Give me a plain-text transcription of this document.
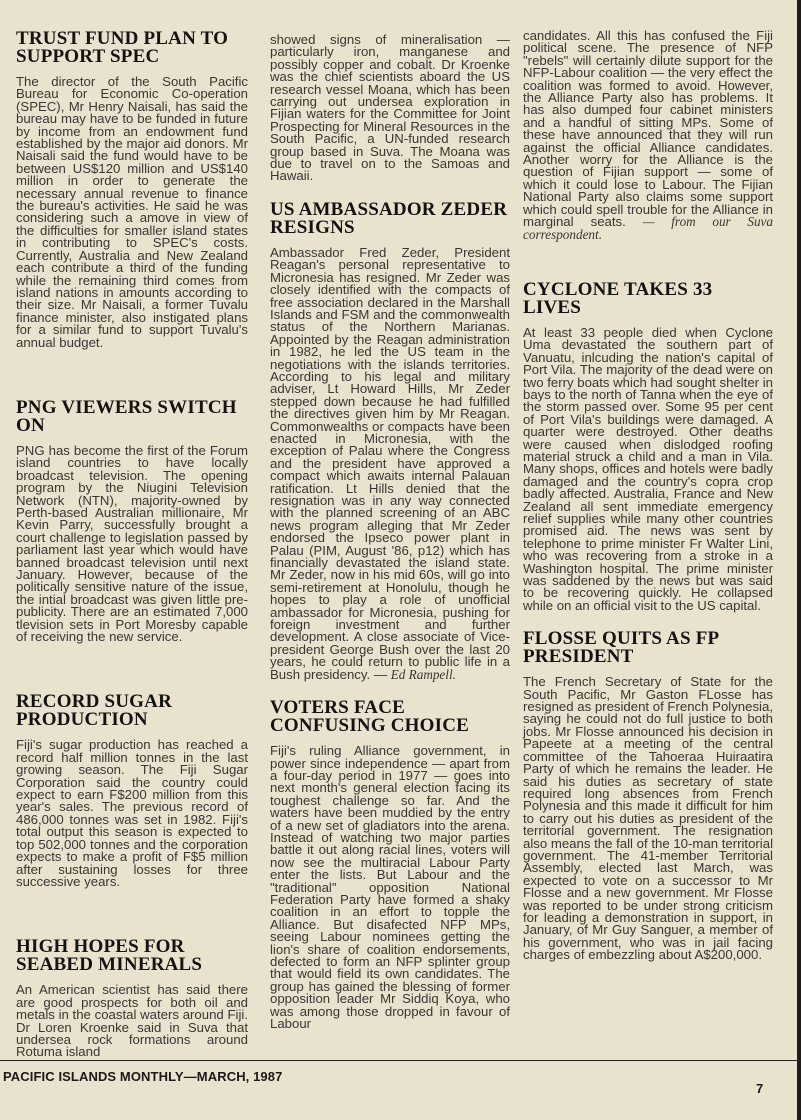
TRUST FUND PLAN TO SUPPORT SPEC

The director of the South Pacific Bureau for Economic Co-operation (SPEC), Mr Henry Naisali, has said the bureau may have to be funded in future by income from an endowment fund established by the major aid donors. Mr Naisali said the fund would have to be between US$120 million and US$140 million in order to generate the necessary annual revenue to finance the bureau's activities. He said he was considering such a amove in view of the difficulties for smaller island states in contributing to SPEC's costs. Currently, Australia and New Zealand each contribute a third of the funding while the remaining third comes from island nations in amounts according to their size. Mr Naisali, a former Tuvalu finance minister, also instigated plans for a similar fund to support Tuvalu's annual budget.

PNG VIEWERS SWITCH ON

PNG has become the first of the Forum island countries to have locally broadcast television. The opening program by the Niugini Television Network (NTN), majority-owned by Perth-based Australian millionaire, Mr Kevin Parry, successfully brought a court challenge to legislation passed by parliament last year which would have banned broadcast television until next January. However, because of the politically sensitive nature of the issue, the intial broadcast was given little pre-publicity. There are an estimated 7,000 tlevision sets in Port Moresby capable of receiving the new service.

RECORD SUGAR PRODUCTION

Fiji's sugar production has reached a record half million tonnes in the last growing season. The Fiji Sugar Corporation said the country could expect to earn F$200 million from this year's sales. The previous record of 486,000 tonnes was set in 1982. Fiji's total output this season is expected to top 502,000 tonnes and the corporation expects to make a profit of F$5 million after sustaining losses for three successive years.

HIGH HOPES FOR SEABED MINERALS

An American scientist has said there are good prospects for both oil and metals in the coastal waters around Fiji. Dr Loren Kroenke said in Suva that undersea rock formations around Rotuma island

showed signs of mineralisation — particularly iron, manganese and possibly copper and cobalt. Dr Kroenke was the chief scientists aboard the US research vessel Moana, which has been carrying out undersea exploration in Fijian waters for the Committee for Joint Prospecting for Mineral Resources in the South Pacific, a UN-funded research group based in Suva. The Moana was due to travel on to the Samoas and Hawaii.

US AMBASSADOR ZEDER RESIGNS

Ambassador Fred Zeder, President Reagan's personal representative to Micronesia has resigned. Mr Zeder was closely identified with the compacts of free association declared in the Marshall Islands and FSM and the commonwealth status of the Northern Marianas. Appointed by the Reagan administration in 1982, he led the US team in the negotiations with the islands territories. According to his legal and military adviser, Lt Howard Hills, Mr Zeder stepped down because he had fulfilled the directives given him by Mr Reagan. Commonwealths or compacts have been enacted in Micronesia, with the exception of Palau where the Congress and the president have approved a compact which awaits internal Palauan ratification. Lt Hills denied that the resignation was in any way connected with the planned screening of an ABC news program alleging that Mr Zeder endorsed the Ipseco power plant in Palau (PIM, August '86, p12) which has financially devastated the island state. Mr Zeder, now in his mid 60s, will go into semi-retirement at Honolulu, though he hopes to play a role of unofficial ambassador for Micronesia, pushing for foreign investment and further development. A close associate of Vice-president George Bush over the last 20 years, he could return to public life in a Bush presidency. — Ed Rampell.

VOTERS FACE CONFUSING CHOICE

Fiji's ruling Alliance government, in power since independence — apart from a four-day period in 1977 — goes into next month's general election facing its toughest challenge so far. And the waters have been muddied by the entry of a new set of gladiators into the arena. Instead of watching two major parties battle it out along racial lines, voters will now see the multiracial Labour Party enter the lists. But Labour and the "traditional" opposition National Federation Party have formed a shaky coalition in an effort to topple the Alliance. But disafected NFP MPs, seeing Labour nominees getting the lion's share of coalition endorsements, defected to form an NFP splinter group that would field its own candidates. The group has gained the blessing of former opposition leader Mr Siddiq Koya, who was among those dropped in favour of Labour

candidates. All this has confused the Fiji political scene. The presence of NFP "rebels" will certainly dilute support for the NFP-Labour coalition — the very effect the coalition was formed to avoid. However, the Alliance Party also has problems. It has also dumped four cabinet ministers and a handful of sitting MPs. Some of these have announced that they will run against the official Alliance candidates. Another worry for the Alliance is the question of Fijian support — some of which it could lose to Labour. The Fijian National Party also claims some support which could spell trouble for the Alliance in marginal seats. — from our Suva correspondent.

CYCLONE TAKES 33 LIVES

At least 33 people died when Cyclone Uma devastated the southern part of Vanuatu, inlcuding the nation's capital of Port Vila. The majority of the dead were on two ferry boats which had sought shelter in bays to the north of Tanna when the eye of the storm passed over. Some 95 per cent of Port Vila's buildings were damaged. A quarter were destroyed. Other deaths were caused when dislodged roofing material struck a child and a man in Vila. Many shops, offices and hotels were badly damaged and the country's copra crop badly affected. Australia, France and New Zealand all sent immediate emergency relief supplies while many other countries promised aid. The news was sent by telephone to prime minister Fr Walter Lini, who was recovering from a stroke in a Washington hospital. The prime minister was saddened by the news but was said to be recovering quickly. He collapsed while on an official visit to the US capital.

FLOSSE QUITS AS FP PRESIDENT

The French Secretary of State for the South Pacific, Mr Gaston FLosse has resigned as president of French Polynesia, saying he could not do full justice to both jobs. Mr Flosse announced his decision in Papeete at a meeting of the central committee of the Tahoeraa Huiraatira Party of which he remains the leader. He said his duties as secretary of state required long absences from French Polynesia and this made it difficult for him to carry out his duties as president of the territorial government. The resignation also means the fall of the 10-man territorial government. The 41-member Territorial Assembly, elected last March, was expected to vote on a successor to Mr Flosse and a new government. Mr Flosse was reported to be under strong criticism for leading a demonstration in support, in January, of Mr Guy Sanguer, a member of his government, who was in jail facing charges of embezzling about A$200,000.

PACIFIC ISLANDS MONTHLY—MARCH, 1987
7
